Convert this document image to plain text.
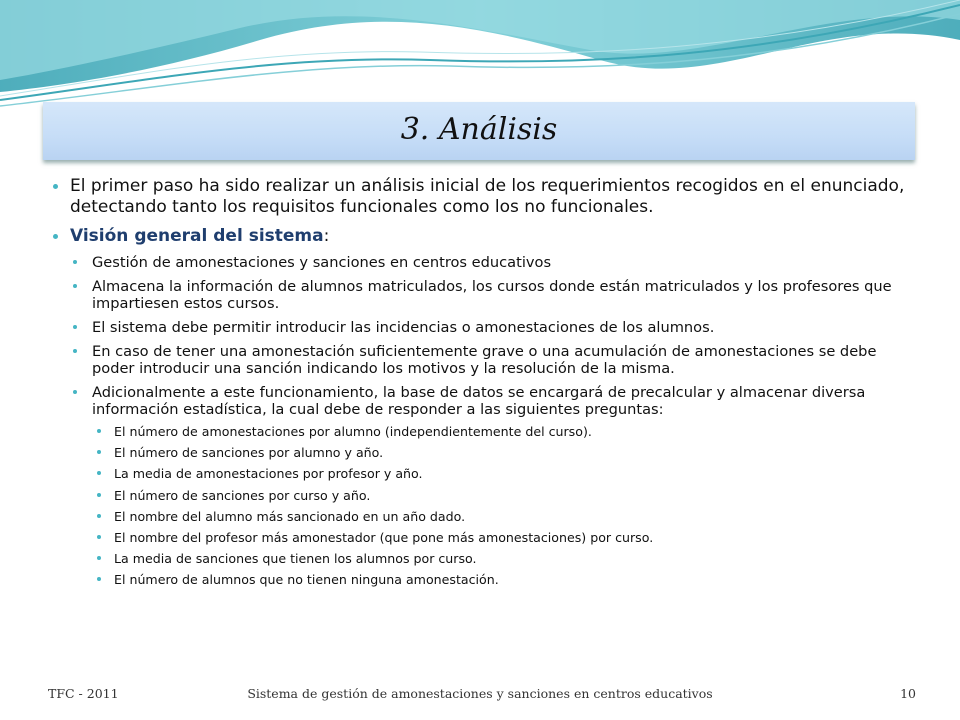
3. Análisis
El primer paso ha sido realizar un análisis inicial de los requerimientos recogidos en el enunciado, detectando tanto los requisitos funcionales como los no funcionales.
Visión general del sistema:
Gestión de amonestaciones y sanciones en centros educativos
Almacena la información de alumnos matriculados, los cursos donde están matriculados y los profesores que impartiesen estos cursos.
El sistema debe permitir introducir las incidencias o amonestaciones de los alumnos.
En caso de tener una amonestación suficientemente grave o una acumulación de amonestaciones se debe poder introducir una sanción indicando los motivos y la resolución de la misma.
Adicionalmente a este funcionamiento, la base de datos se encargará de precalcular y almacenar diversa información estadística, la cual debe de responder a las siguientes preguntas:
El número de amonestaciones por alumno (independientemente del curso).
El número de sanciones por alumno y año.
La media de amonestaciones por profesor y año.
El número de sanciones por curso y año.
El nombre del alumno más sancionado en un año dado.
El nombre del profesor más amonestador (que pone más amonestaciones) por curso.
La media de sanciones que tienen los alumnos por curso.
El número de alumnos que no tienen ninguna amonestación.
TFC - 2011	Sistema de gestión de amonestaciones y sanciones en centros educativos	10
